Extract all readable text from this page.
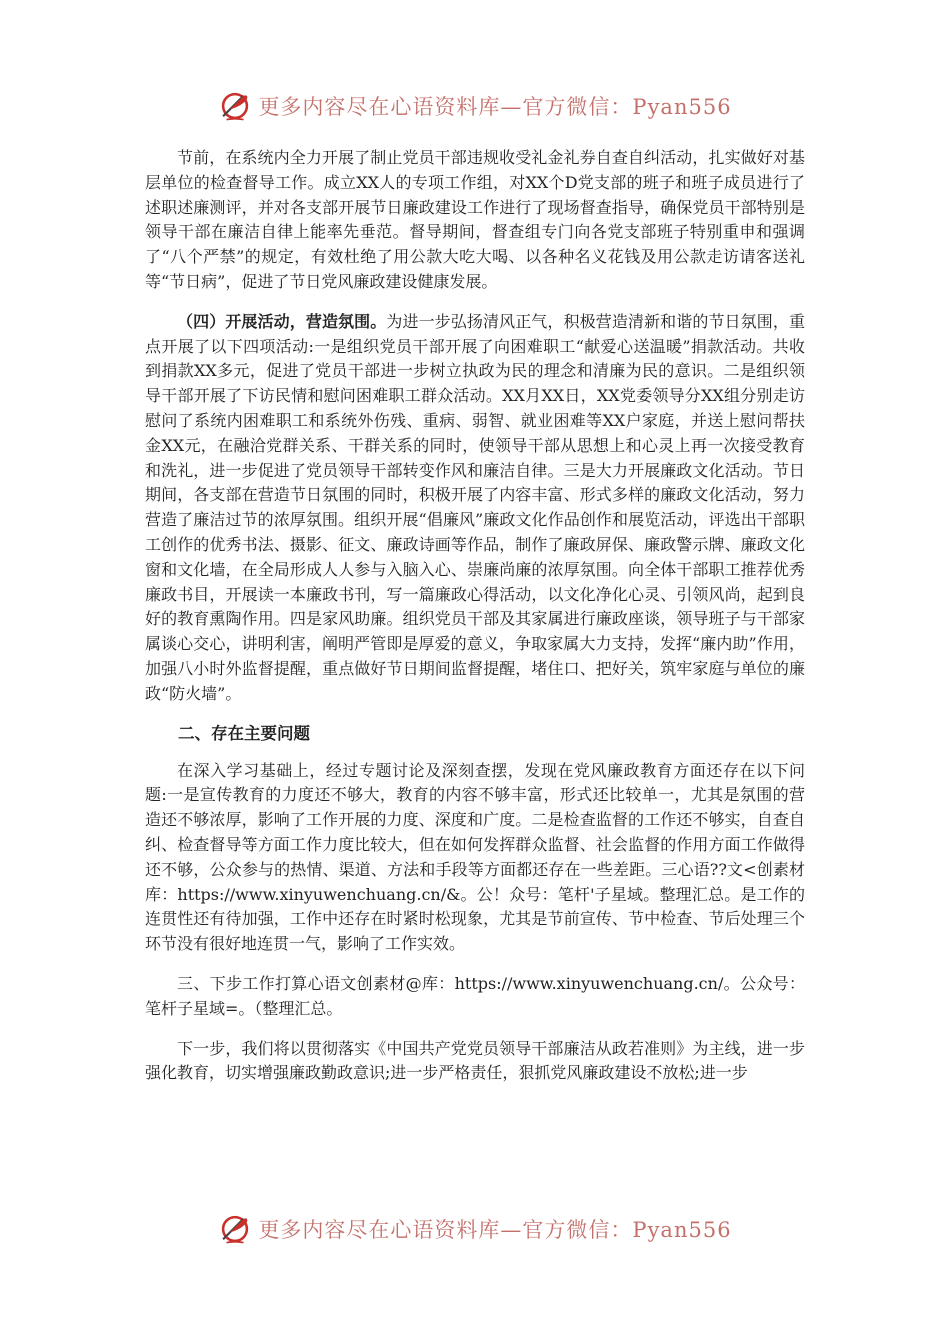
更多内容尽在心语资料库—官方微信：Pyan556

节前，在系统内全力开展了制止党员干部违规收受礼金礼券自查自纠活动，扎实做好对基层单位的检查督导工作。成立XX人的专项工作组，对XX个D党支部的班子和班子成员进行了述职述廉测评，并对各支部开展节日廉政建设工作进行了现场督查指导，确保党员干部特别是领导干部在廉洁自律上能率先垂范。督导期间，督查组专门向各党支部班子特别重申和强调了“八个严禁”的规定，有效杜绝了用公款大吃大喝、以各种名义花钱及用公款走访请客送礼等“节日病”，促进了节日党风廉政建设健康发展。

（四）开展活动，营造氛围。为进一步弘扬清风正气，积极营造清新和谐的节日氛围，重点开展了以下四项活动:一是组织党员干部开展了向困难职工“献爱心送温暖”捐款活动。共收到捐款XX多元，促进了党员干部进一步树立执政为民的理念和清廉为民的意识。二是组织领导干部开展了下访民情和慰问困难职工群众活动。XX月XX日，XX党委领导分XX组分别走访慰问了系统内困难职工和系统外伤残、重病、弱智、就业困难等XX户家庭，并送上慰问帮扶金XX元，在融洽党群关系、干群关系的同时，使领导干部从思想上和心灵上再一次接受教育和洗礼，进一步促进了党员领导干部转变作风和廉洁自律。三是大力开展廉政文化活动。节日期间，各支部在营造节日氛围的同时，积极开展了内容丰富、形式多样的廉政文化活动，努力营造了廉洁过节的浓厚氛围。组织开展“倡廉风”廉政文化作品创作和展览活动，评选出干部职工创作的优秀书法、摄影、征文、廉政诗画等作品，制作了廉政屏保、廉政警示牌、廉政文化窗和文化墙，在全局形成人人参与入脑入心、崇廉尚廉的浓厚氛围。向全体干部职工推荐优秀廉政书目，开展读一本廉政书刊，写一篇廉政心得活动，以文化净化心灵、引领风尚，起到良好的教育熏陶作用。四是家风助廉。组织党员干部及其家属进行廉政座谈，领导班子与干部家属谈心交心，讲明利害，阐明严管即是厚爱的意义，争取家属大力支持，发挥“廉内助”作用，加强八小时外监督提醒，重点做好节日期间监督提醒，堵住口、把好关，筑牢家庭与单位的廉政“防火墙”。

二、存在主要问题

在深入学习基础上，经过专题讨论及深刻查摆，发现在党风廉政教育方面还存在以下问题:一是宣传教育的力度还不够大，教育的内容不够丰富，形式还比较单一，尤其是氛围的营造还不够浓厚，影响了工作开展的力度、深度和广度。二是检查监督的工作还不够实，自查自纠、检查督导等方面工作力度比较大，但在如何发挥群众监督、社会监督的作用方面工作做得还不够，公众参与的热情、渠道、方法和手段等方面都还存在一些差距。三心语??文<创素材库：https://www.xinyuwenchuang.cn/&。公！众号：笔杆'子星域。整理汇总。是工作的连贯性还有待加强，工作中还存在时紧时松现象，尤其是节前宣传、节中检查、节后处理三个环节没有很好地连贯一气，影响了工作实效。

三、下步工作打算心语文创素材@库：https://www.xinyuwenchuang.cn/。公众号：笔杆子星域=。（整理汇总。

下一步，我们将以贯彻落实《中国共产党党员领导干部廉洁从政若准则》为主线，进一步强化教育，切实增强廉政勤政意识;进一步严格责任，狠抓党风廉政建设不放松;进一步

更多内容尽在心语资料库—官方微信：Pyan556
